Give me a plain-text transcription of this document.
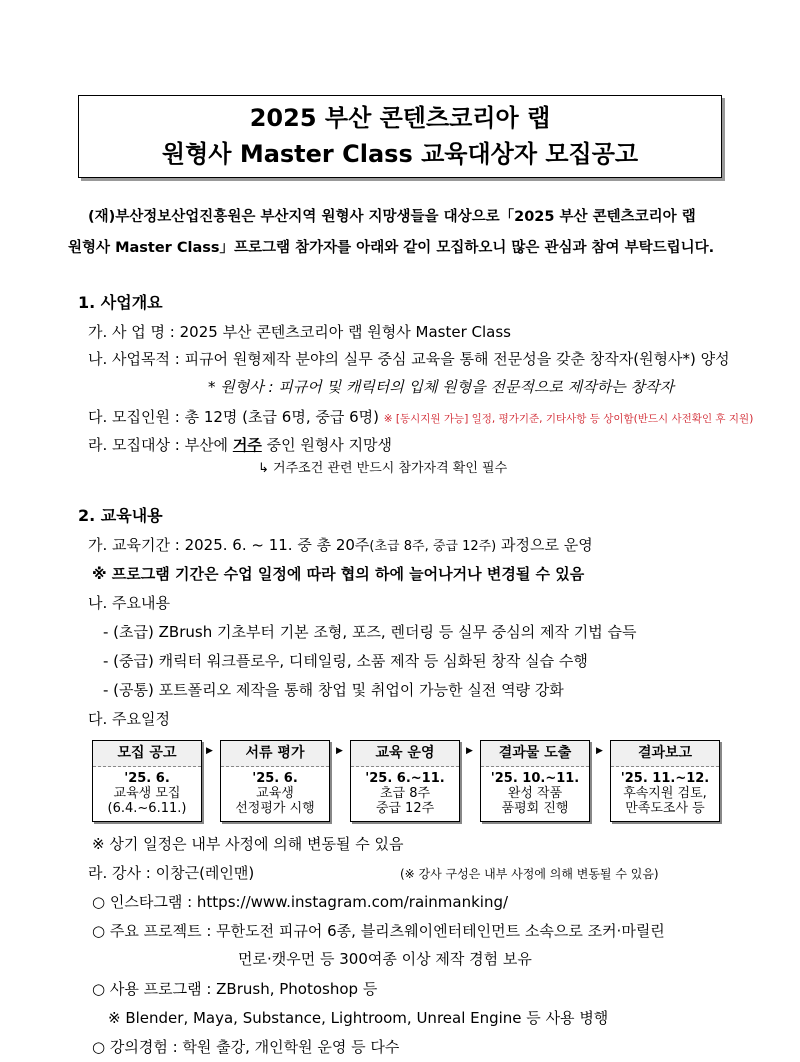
2025 부산 콘텐츠코리아 랩
원형사 Master Class 교육대상자 모집공고
(재)부산정보산업진흥원은 부산지역 원형사 지망생들을 대상으로「2025 부산 콘텐츠코리아 랩
원형사 Master Class」프로그램 참가자를 아래와 같이 모집하오니 많은 관심과 참여 부탁드립니다.
1. 사업개요
가. 사 업 명 : 2025 부산 콘텐츠코리아 랩 원형사 Master Class
나. 사업목적 : 피규어 원형제작 분야의 실무 중심 교육을 통해 전문성을 갖춘 창작자(원형사*) 양성
* 원형사 : 피규어 및 캐릭터의 입체 원형을 전문적으로 제작하는 창작자
다. 모집인원 : 총 12명 (초급 6명, 중급 6명) ※ [동시지원 가능] 일정, 평가기준, 기타사항 등 상이함(반드시 사전확인 후 지원)
라. 모집대상 : 부산에 거주 중인 원형사 지망생
↳ 거주조건 관련 반드시 참가자격 확인 필수
2. 교육내용
가. 교육기간 : 2025. 6. ~ 11. 중 총 20주(초급 8주, 중급 12주) 과정으로 운영
※ 프로그램 기간은 수업 일정에 따라 협의 하에 늘어나거나 변경될 수 있음
나. 주요내용
- (초급) ZBrush 기초부터 기본 조형, 포즈, 렌더링 등 실무 중심의 제작 기법 습득
- (중급) 캐릭터 워크플로우, 디테일링, 소품 제작 등 심화된 창작 실습 수행
- (공통) 포트폴리오 제작을 통해 창업 및 취업이 가능한 실전 역량 강화
다. 주요일정
모집 공고
'25. 6.
교육생 모집
(6.4.~6.11.)
▶	서류 평가
'25. 6.
교육생
선정평가 시행
▶	교육 운영
'25. 6.~11.
초급 8주
중급 12주
▶	결과물 도출
'25. 10.~11.
완성 작품
품평회 진행
▶	결과보고
'25. 11.~12.
후속지원 검토,
만족도조사 등
※ 상기 일정은 내부 사정에 의해 변동될 수 있음
라. 강사 : 이창근(레인맨)	(※ 강사 구성은 내부 사정에 의해 변동될 수 있음)
○ 인스타그램 : https://www.instagram.com/rainmanking/
○ 주요 프로젝트 : 무한도전 피규어 6종, 블리츠웨이엔터테인먼트 소속으로 조커·마릴린
먼로·캣우먼 등 300여종 이상 제작 경험 보유
○ 사용 프로그램 : ZBrush, Photoshop 등
※ Blender, Maya, Substance, Lightroom, Unreal Engine 등 사용 병행
○ 강의경험 : 학원 출강, 개인학원 운영 등 다수
